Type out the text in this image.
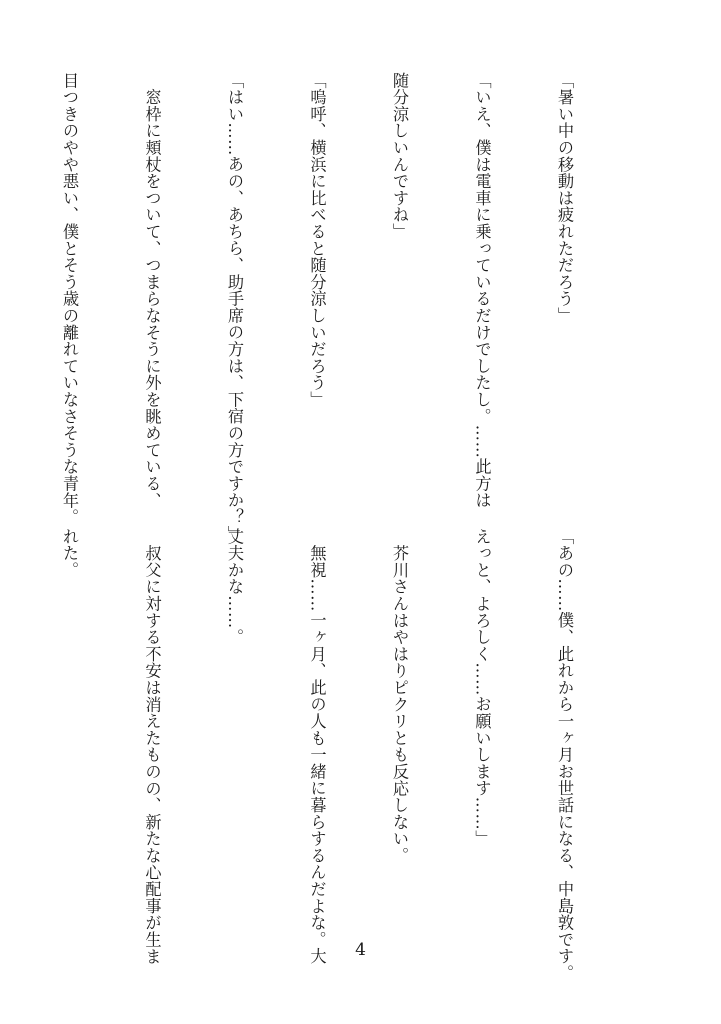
「暑い中の移動は疲れただろう」

「いえ、僕は電車に乗っているだけでしたし。……此方は

随分涼しいんですね」

「嗚呼、横浜に比べると随分涼しいだろう」

「はい……あの、あちら、助手席の方は、下宿の方ですか？」

　窓枠に頬杖をついて、つまらなそうに外を眺めている、

目つきのやや悪い、僕とそう歳の離れていなさそうな青年。

「あの……僕、此れから一ヶ月お世話になる、中島敦です。

えっと、よろしく……お願いします……」

　芥川さんはやはりピクリとも反応しない。

　無視……一ヶ月、此の人も一緒に暮らするんだよな。大

丈夫かな……。

　叔父に対する不安は消えたものの、新たな心配事が生ま

れた。

4
